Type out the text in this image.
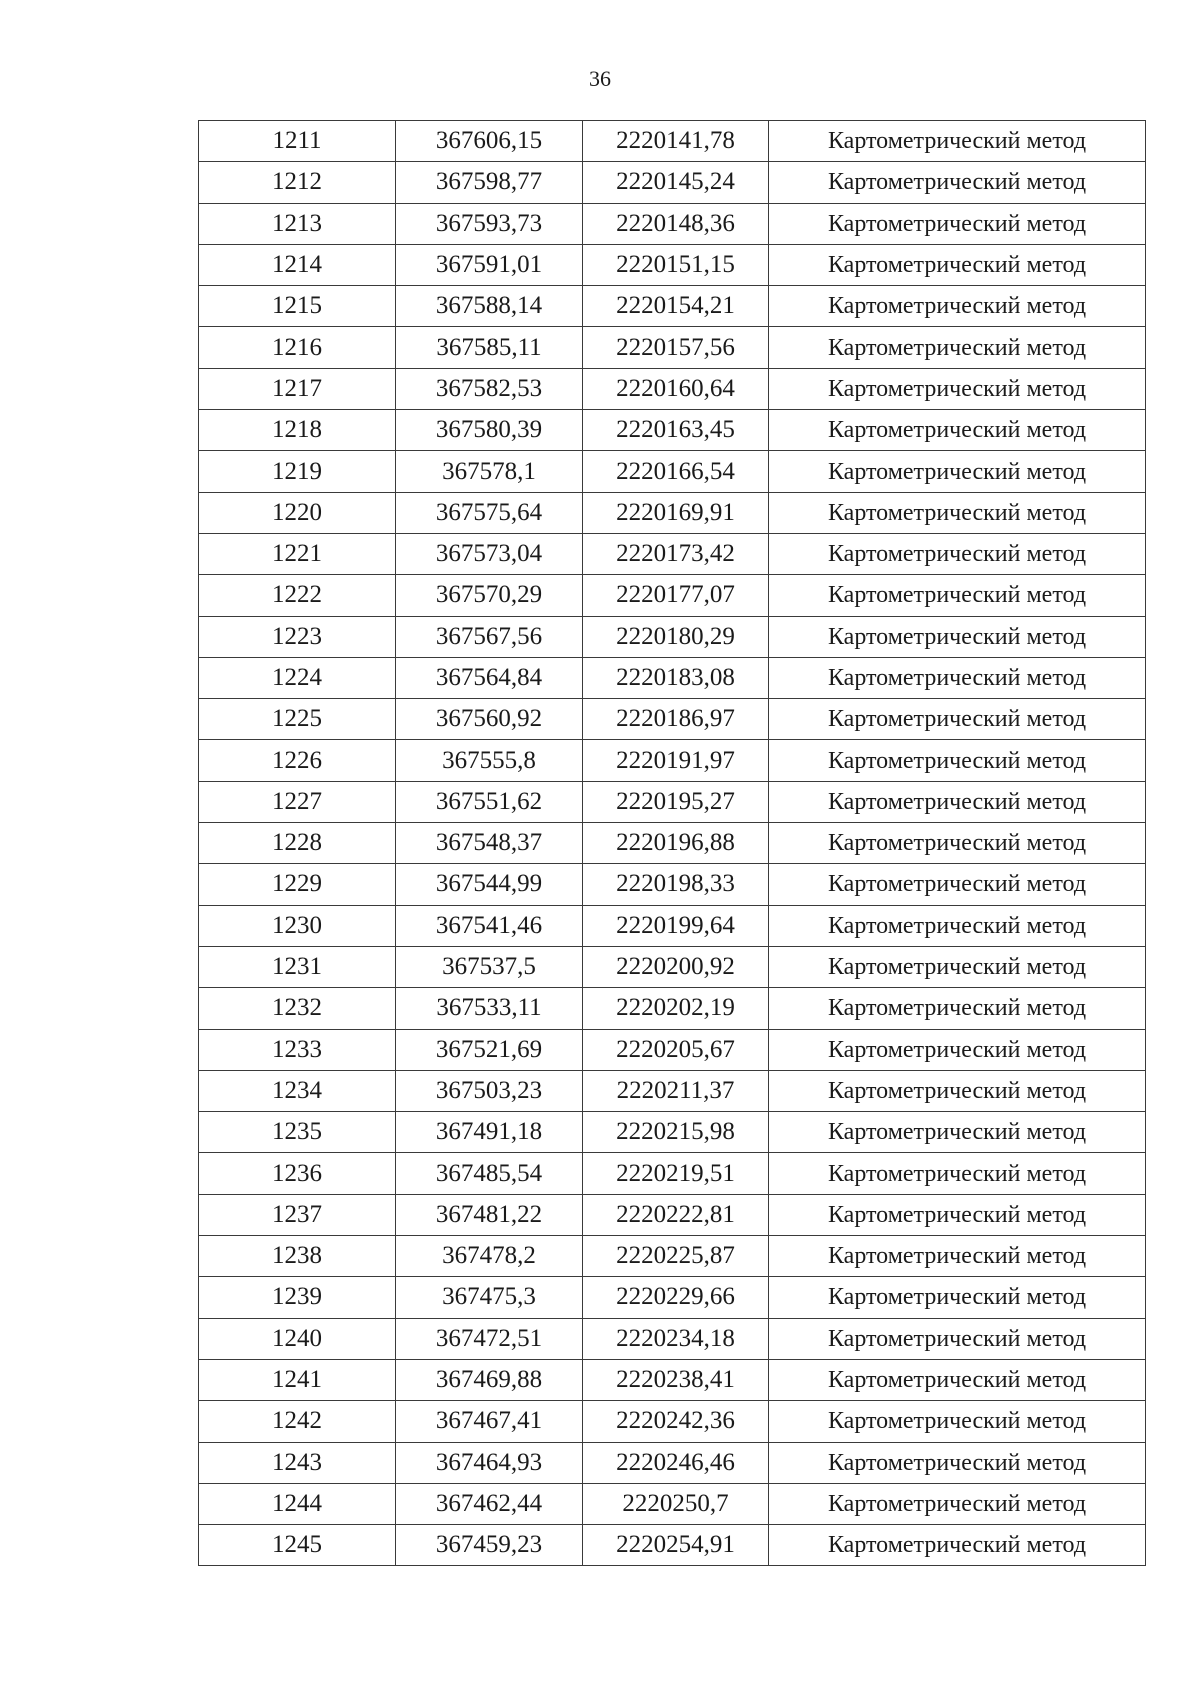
36
1211	367606,15	2220141,78	Картометрический метод
1212	367598,77	2220145,24	Картометрический метод
1213	367593,73	2220148,36	Картометрический метод
1214	367591,01	2220151,15	Картометрический метод
1215	367588,14	2220154,21	Картометрический метод
1216	367585,11	2220157,56	Картометрический метод
1217	367582,53	2220160,64	Картометрический метод
1218	367580,39	2220163,45	Картометрический метод
1219	367578,1	2220166,54	Картометрический метод
1220	367575,64	2220169,91	Картометрический метод
1221	367573,04	2220173,42	Картометрический метод
1222	367570,29	2220177,07	Картометрический метод
1223	367567,56	2220180,29	Картометрический метод
1224	367564,84	2220183,08	Картометрический метод
1225	367560,92	2220186,97	Картометрический метод
1226	367555,8	2220191,97	Картометрический метод
1227	367551,62	2220195,27	Картометрический метод
1228	367548,37	2220196,88	Картометрический метод
1229	367544,99	2220198,33	Картометрический метод
1230	367541,46	2220199,64	Картометрический метод
1231	367537,5	2220200,92	Картометрический метод
1232	367533,11	2220202,19	Картометрический метод
1233	367521,69	2220205,67	Картометрический метод
1234	367503,23	2220211,37	Картометрический метод
1235	367491,18	2220215,98	Картометрический метод
1236	367485,54	2220219,51	Картометрический метод
1237	367481,22	2220222,81	Картометрический метод
1238	367478,2	2220225,87	Картометрический метод
1239	367475,3	2220229,66	Картометрический метод
1240	367472,51	2220234,18	Картометрический метод
1241	367469,88	2220238,41	Картометрический метод
1242	367467,41	2220242,36	Картометрический метод
1243	367464,93	2220246,46	Картометрический метод
1244	367462,44	2220250,7	Картометрический метод
1245	367459,23	2220254,91	Картометрический метод
